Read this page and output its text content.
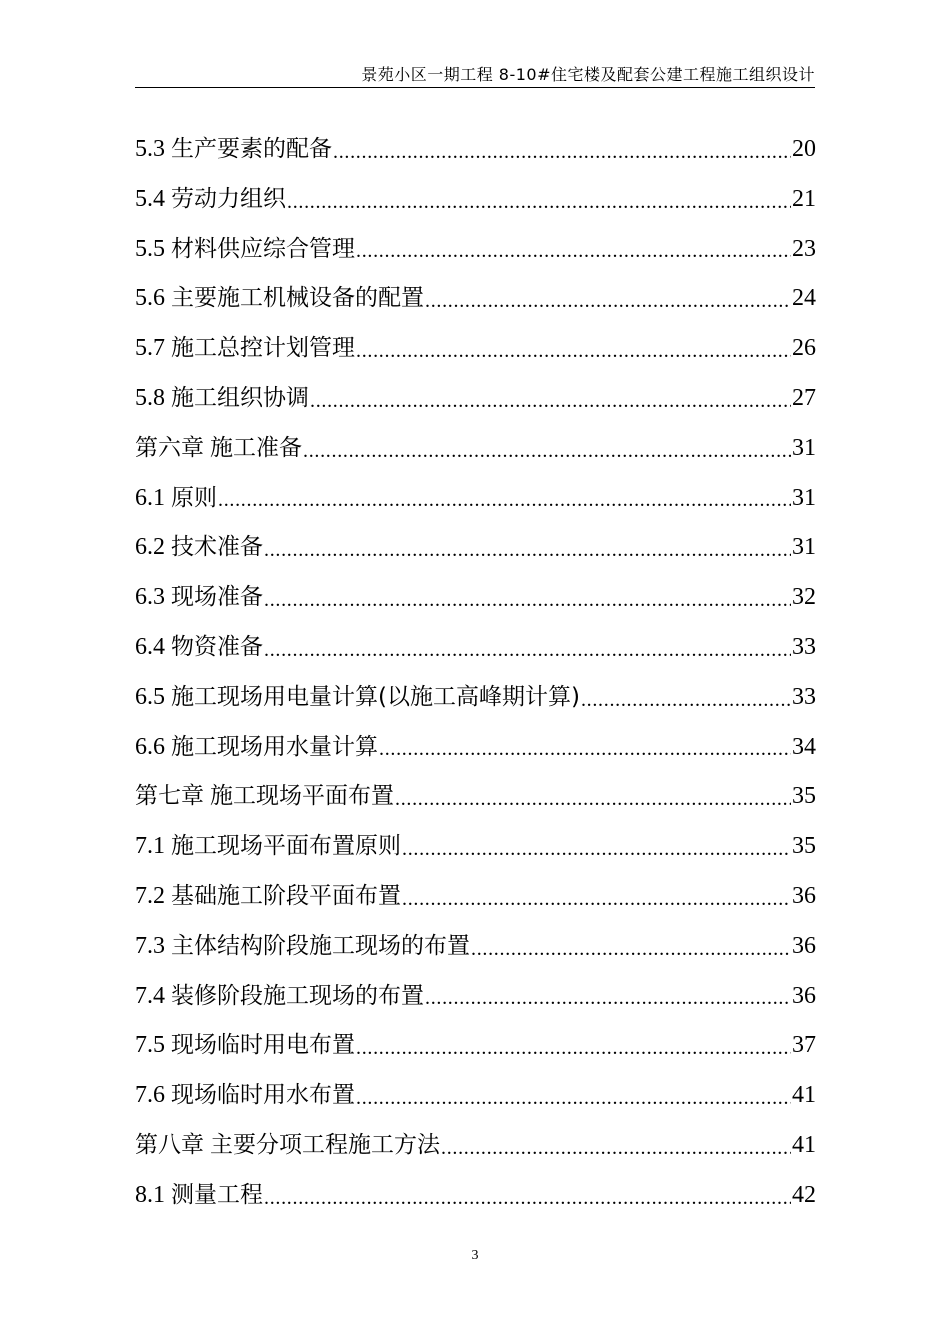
景苑小区一期工程 8-10#住宅楼及配套公建工程施工组织设计
5.3 生产要素的配备 .....	20
5.4 劳动力组织 .....	21
5.5 材料供应综合管理 .....	23
5.6 主要施工机械设备的配置 .....	24
5.7 施工总控计划管理 .....	26
5.8 施工组织协调 .....	27
第六章 施工准备 .....	31
6.1 原则 .....	31
6.2 技术准备 .....	31
6.3 现场准备 .....	32
6.4 物资准备 .....	33
6.5 施工现场用电量计算(以施工高峰期计算) .....	33
6.6 施工现场用水量计算 .....	34
第七章 施工现场平面布置 .....	35
7.1 施工现场平面布置原则 .....	35
7.2 基础施工阶段平面布置 .....	36
7.3 主体结构阶段施工现场的布置 .....	36
7.4 装修阶段施工现场的布置 .....	36
7.5 现场临时用电布置 .....	37
7.6 现场临时用水布置 .....	41
第八章 主要分项工程施工方法 .....	41
8.1 测量工程 .....	42
3
